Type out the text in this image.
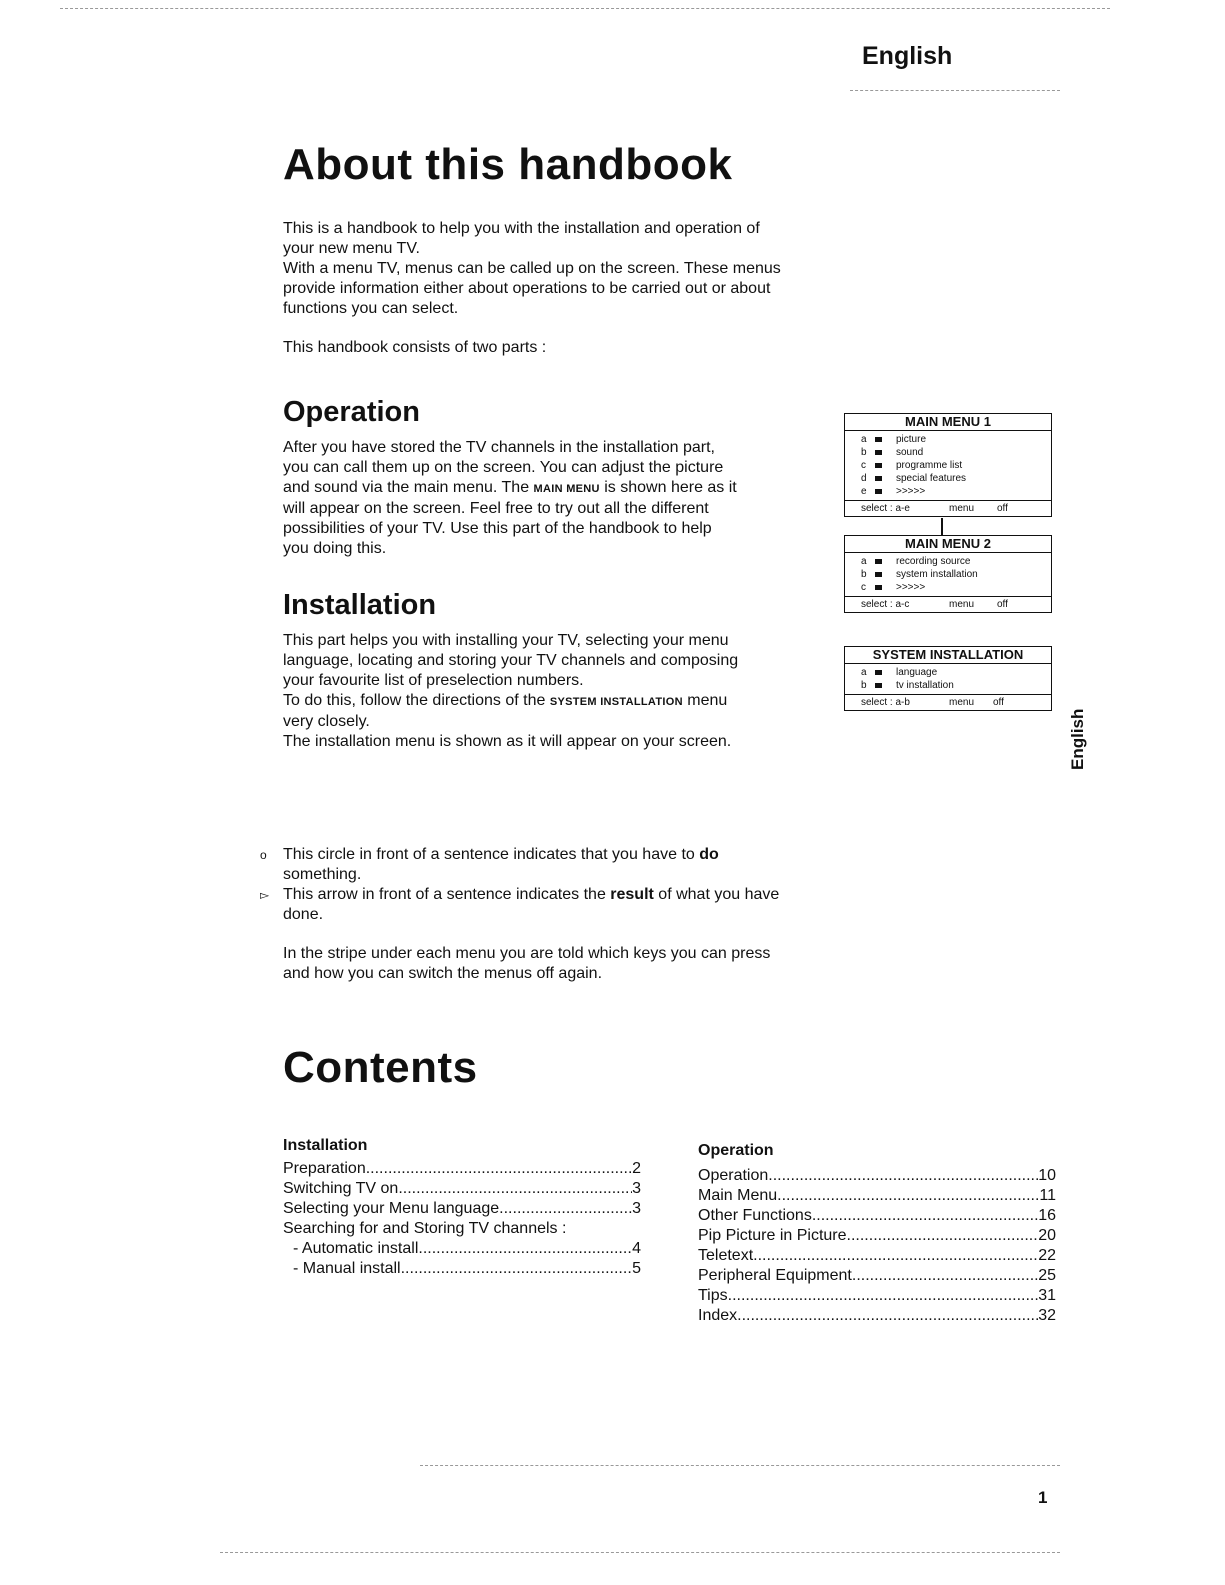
English
About this handbook
This is a handbook to help you with the installation and operation of
your new menu TV.
With a menu TV, menus can be called up on the screen. These menus
provide information either about operations to be carried out or about
functions you can select.
This handbook consists of two parts :
Operation
After you have stored the TV channels in the installation part,
you can call them up on the screen. You can adjust the picture
and sound via the main menu. The MAIN MENU is shown here as it
will appear on the screen. Feel free to try out all the different
possibilities of your TV. Use this part of the handbook to help
you doing this.
Installation
This part helps you with installing your TV, selecting your menu
language, locating and storing your TV channels and composing
your favourite list of preselection numbers.
To do this, follow the directions of the SYSTEM INSTALLATION menu
very closely.
The installation menu is shown as it will appear on your screen.
MAIN MENU 1
a	picture
b	sound
c	programme list
d	special features
e	>>>>>
select : a-e	menu off
MAIN MENU 2
a	recording source
b	system installation
c	>>>>>
select : a-c	menu off
SYSTEM INSTALLATION
a	language
b	tv installation
select : a-b	menu off
English
o This circle in front of a sentence indicates that you have to do
something.
▻ This arrow in front of a sentence indicates the result of what you have
done.
In the stripe under each menu you are told which keys you can press
and how you can switch the menus off again.
Contents
Installation
Preparation .....	2
Switching TV on .....	3
Selecting your Menu language .....	3
Searching for and Storing TV channels :
- Automatic install .....	4
- Manual install .....	5
Operation
Operation .....	10
Main Menu .....	11
Other Functions .....	16
Pip Picture in Picture .....	20
Teletext .....	22
Peripheral Equipment .....	25
Tips .....	31
Index .....	32
1
